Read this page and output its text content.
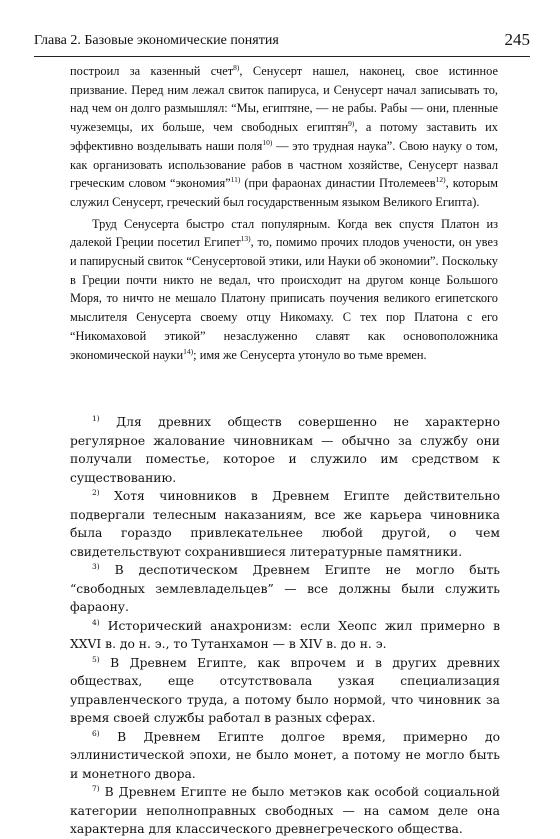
Глава 2. Базовые экономические понятия	245

построил за казенный счет$^{8)}$, Сенусерт нашел, наконец, свое истинное призвание. Перед ним лежал свиток папируса, и Сенусерт начал записывать то, над чем он долго размышлял: “Мы, египтяне, — не рабы. Рабы — они, пленные чужеземцы, их больше, чем свободных египтян$^{9)}$, а потому заставить их эффективно возделывать наши поля$^{10)}$ — это трудная наука”. Свою науку о том, как организовать использование рабов в частном хозяйстве, Сенусерт назвал греческим словом “экономия”$^{11)}$ (при фараонах династии Птолемеев$^{12)}$, которым служил Сенусерт, греческий был государственным языком Великого Египта).

Труд Сенусерта быстро стал популярным. Когда век спустя Платон из далекой Греции посетил Египет$^{13)}$, то, помимо прочих плодов учености, он увез и папирусный свиток “Сенусертовой этики, или Науки об экономии”. Поскольку в Греции почти никто не ведал, что происходит на другом конце Большого Моря, то ничто не мешало Платону приписать поучения великого египетского мыслителя Сенусерта своему отцу Никомаху. С тех пор Платона с его “Никомаховой этикой” незаслуженно славят как основоположника экономической науки$^{14)}$; имя же Сенусерта утонуло во тьме времен.

$^{1)}$ Для древних обществ совершенно не характерно регулярное жалование чиновникам — обычно за службу они получали поместье, которое и служило им средством к существованию.

$^{2)}$ Хотя чиновников в Древнем Египте действительно подвергали телесным наказаниям, все же карьера чиновника была гораздо привлекательнее любой другой, о чем свидетельствуют сохранившиеся литературные памятники.

$^{3)}$ В деспотическом Древнем Египте не могло быть “свободных землевладельцев” — все должны были служить фараону.

$^{4)}$ Исторический анахронизм: если Хеопс жил примерно в XXVI в. до н. э., то Тутанхамон — в XIV в. до н. э.

$^{5)}$ В Древнем Египте, как впрочем и в других древних обществах, еще отсутствовала узкая специализация управленческого труда, а потому было нормой, что чиновник за время своей службы работал в разных сферах.

$^{6)}$ В Древнем Египте долгое время, примерно до эллинистической эпохи, не было монет, а потому не могло быть и монетного двора.

$^{7)}$ В Древнем Египте не было метэков как особой социальной категории неполноправных свободных — на самом деле она характерна для классического древнегреческого общества.
